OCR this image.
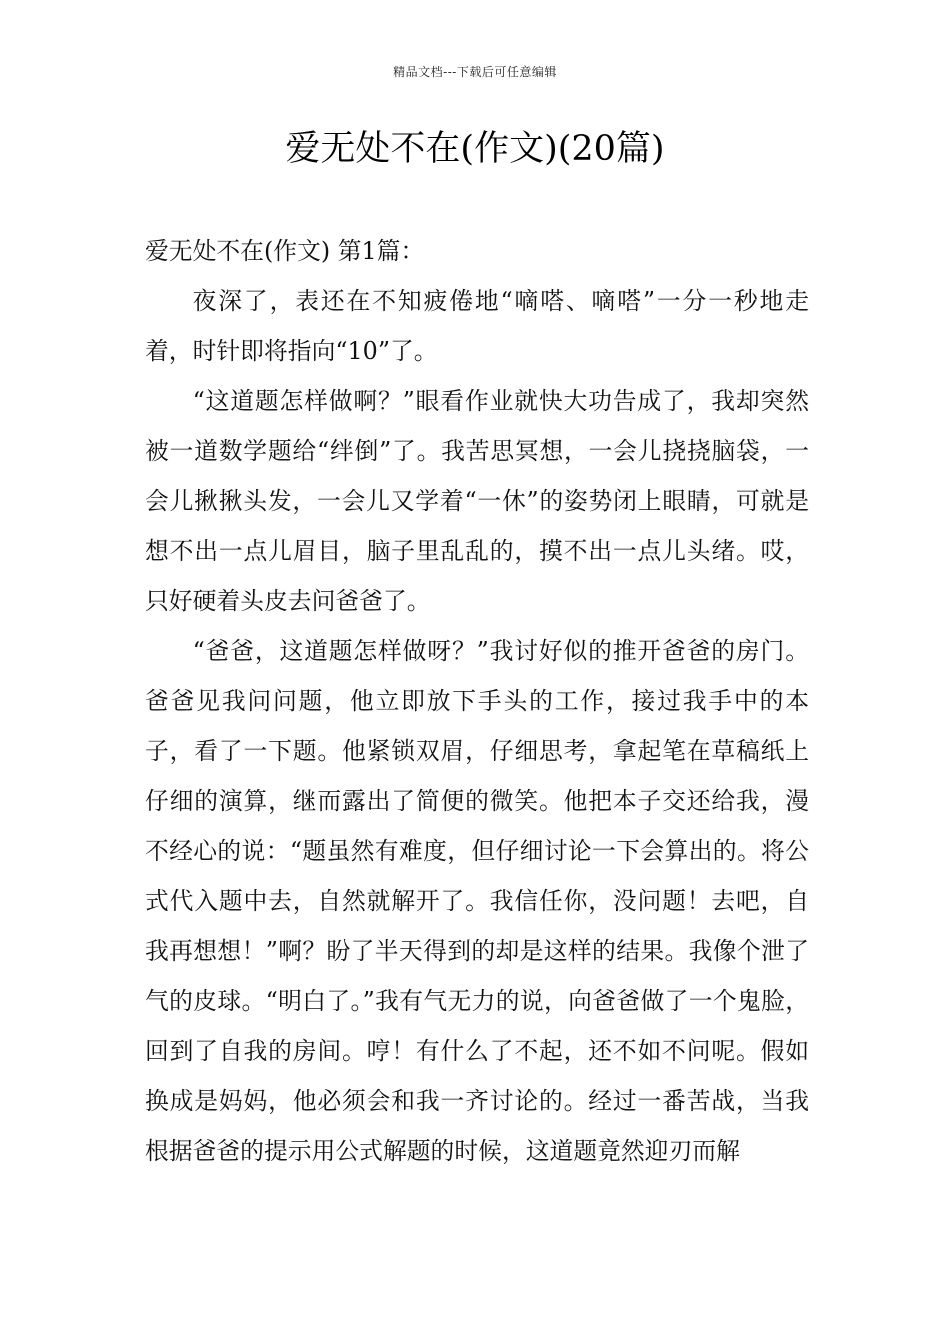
精品文档---下载后可任意编辑
爱无处不在(作文)(20篇)

爱无处不在(作文) 第1篇：

夜深了，表还在不知疲倦地“嘀嗒、嘀嗒”一分一秒地走着，时针即将指向“10”了。

“这道题怎样做啊？”眼看作业就快大功告成了，我却突然被一道数学题给“绊倒”了。我苦思冥想，一会儿挠挠脑袋，一会儿揪揪头发，一会儿又学着“一休”的姿势闭上眼睛，可就是想不出一点儿眉目，脑子里乱乱的，摸不出一点儿头绪。哎，只好硬着头皮去问爸爸了。

“爸爸，这道题怎样做呀？”我讨好似的推开爸爸的房门。爸爸见我问问题，他立即放下手头的工作，接过我手中的本子，看了一下题。他紧锁双眉，仔细思考，拿起笔在草稿纸上仔细的演算，继而露出了简便的微笑。他把本子交还给我，漫不经心的说：“题虽然有难度，但仔细讨论一下会算出的。将公式代入题中去，自然就解开了。我信任你，没问题！去吧，自我再想想！”啊？盼了半天得到的却是这样的结果。我像个泄了气的皮球。“明白了。”我有气无力的说，向爸爸做了一个鬼脸，回到了自我的房间。哼！有什么了不起，还不如不问呢。假如换成是妈妈，他必须会和我一齐讨论的。经过一番苦战，当我根据爸爸的提示用公式解题的时候，这道题竟然迎刃而解
